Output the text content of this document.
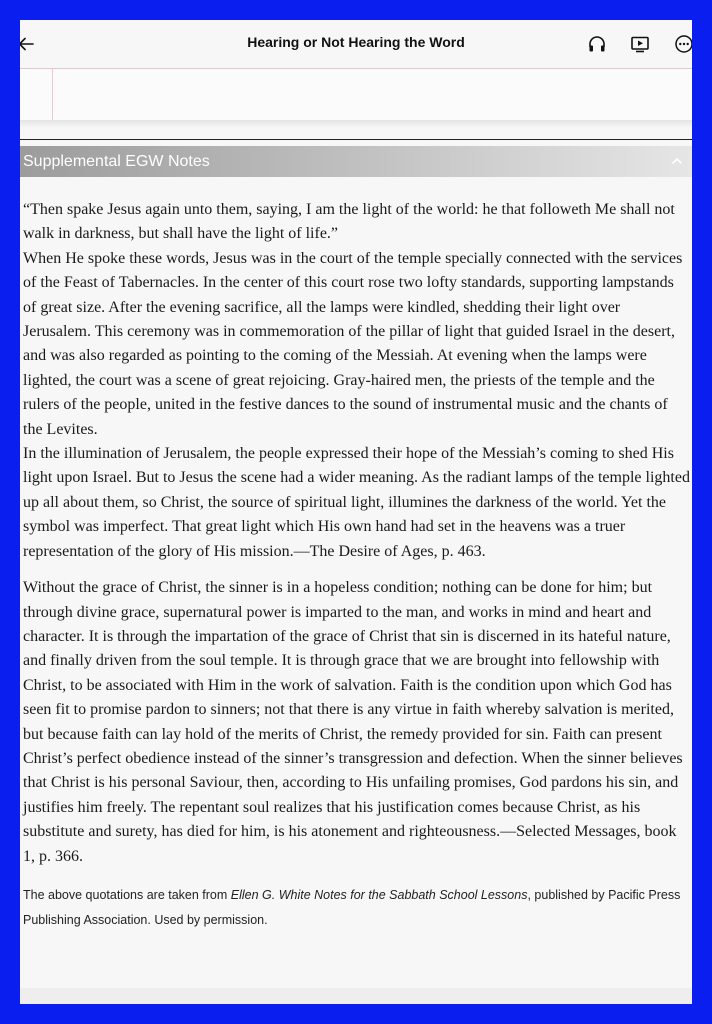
Hearing or Not Hearing the Word
Supplemental EGW Notes

“Then spake Jesus again unto them, saying, I am the light of the world: he that followeth Me shall not walk in darkness, but shall have the light of life.”

When He spoke these words, Jesus was in the court of the temple specially connected with the services of the Feast of Tabernacles. In the center of this court rose two lofty standards, supporting lampstands of great size. After the evening sacrifice, all the lamps were kindled, shedding their light over Jerusalem. This ceremony was in commemoration of the pillar of light that guided Israel in the desert, and was also regarded as pointing to the coming of the Messiah. At evening when the lamps were lighted, the court was a scene of great rejoicing. Gray-haired men, the priests of the temple and the rulers of the people, united in the festive dances to the sound of instrumental music and the chants of the Levites.

In the illumination of Jerusalem, the people expressed their hope of the Messiah’s coming to shed His light upon Israel. But to Jesus the scene had a wider meaning. As the radiant lamps of the temple lighted up all about them, so Christ, the source of spiritual light, illumines the darkness of the world. Yet the symbol was imperfect. That great light which His own hand had set in the heavens was a truer representation of the glory of His mission.—The Desire of Ages, p. 463.

Without the grace of Christ, the sinner is in a hopeless condition; nothing can be done for him; but through divine grace, supernatural power is imparted to the man, and works in mind and heart and character. It is through the impartation of the grace of Christ that sin is discerned in its hateful nature, and finally driven from the soul temple. It is through grace that we are brought into fellowship with Christ, to be associated with Him in the work of salvation. Faith is the condition upon which God has seen fit to promise pardon to sinners; not that there is any virtue in faith whereby salvation is merited, but because faith can lay hold of the merits of Christ, the remedy provided for sin. Faith can present Christ’s perfect obedience instead of the sinner’s transgression and defection. When the sinner believes that Christ is his personal Saviour, then, according to His unfailing promises, God pardons his sin, and justifies him freely. The repentant soul realizes that his justification comes because Christ, as his substitute and surety, has died for him, is his atonement and righteousness.—Selected Messages, book 1, p. 366.

The above quotations are taken from Ellen G. White Notes for the Sabbath School Lessons, published by Pacific Press Publishing Association. Used by permission.
